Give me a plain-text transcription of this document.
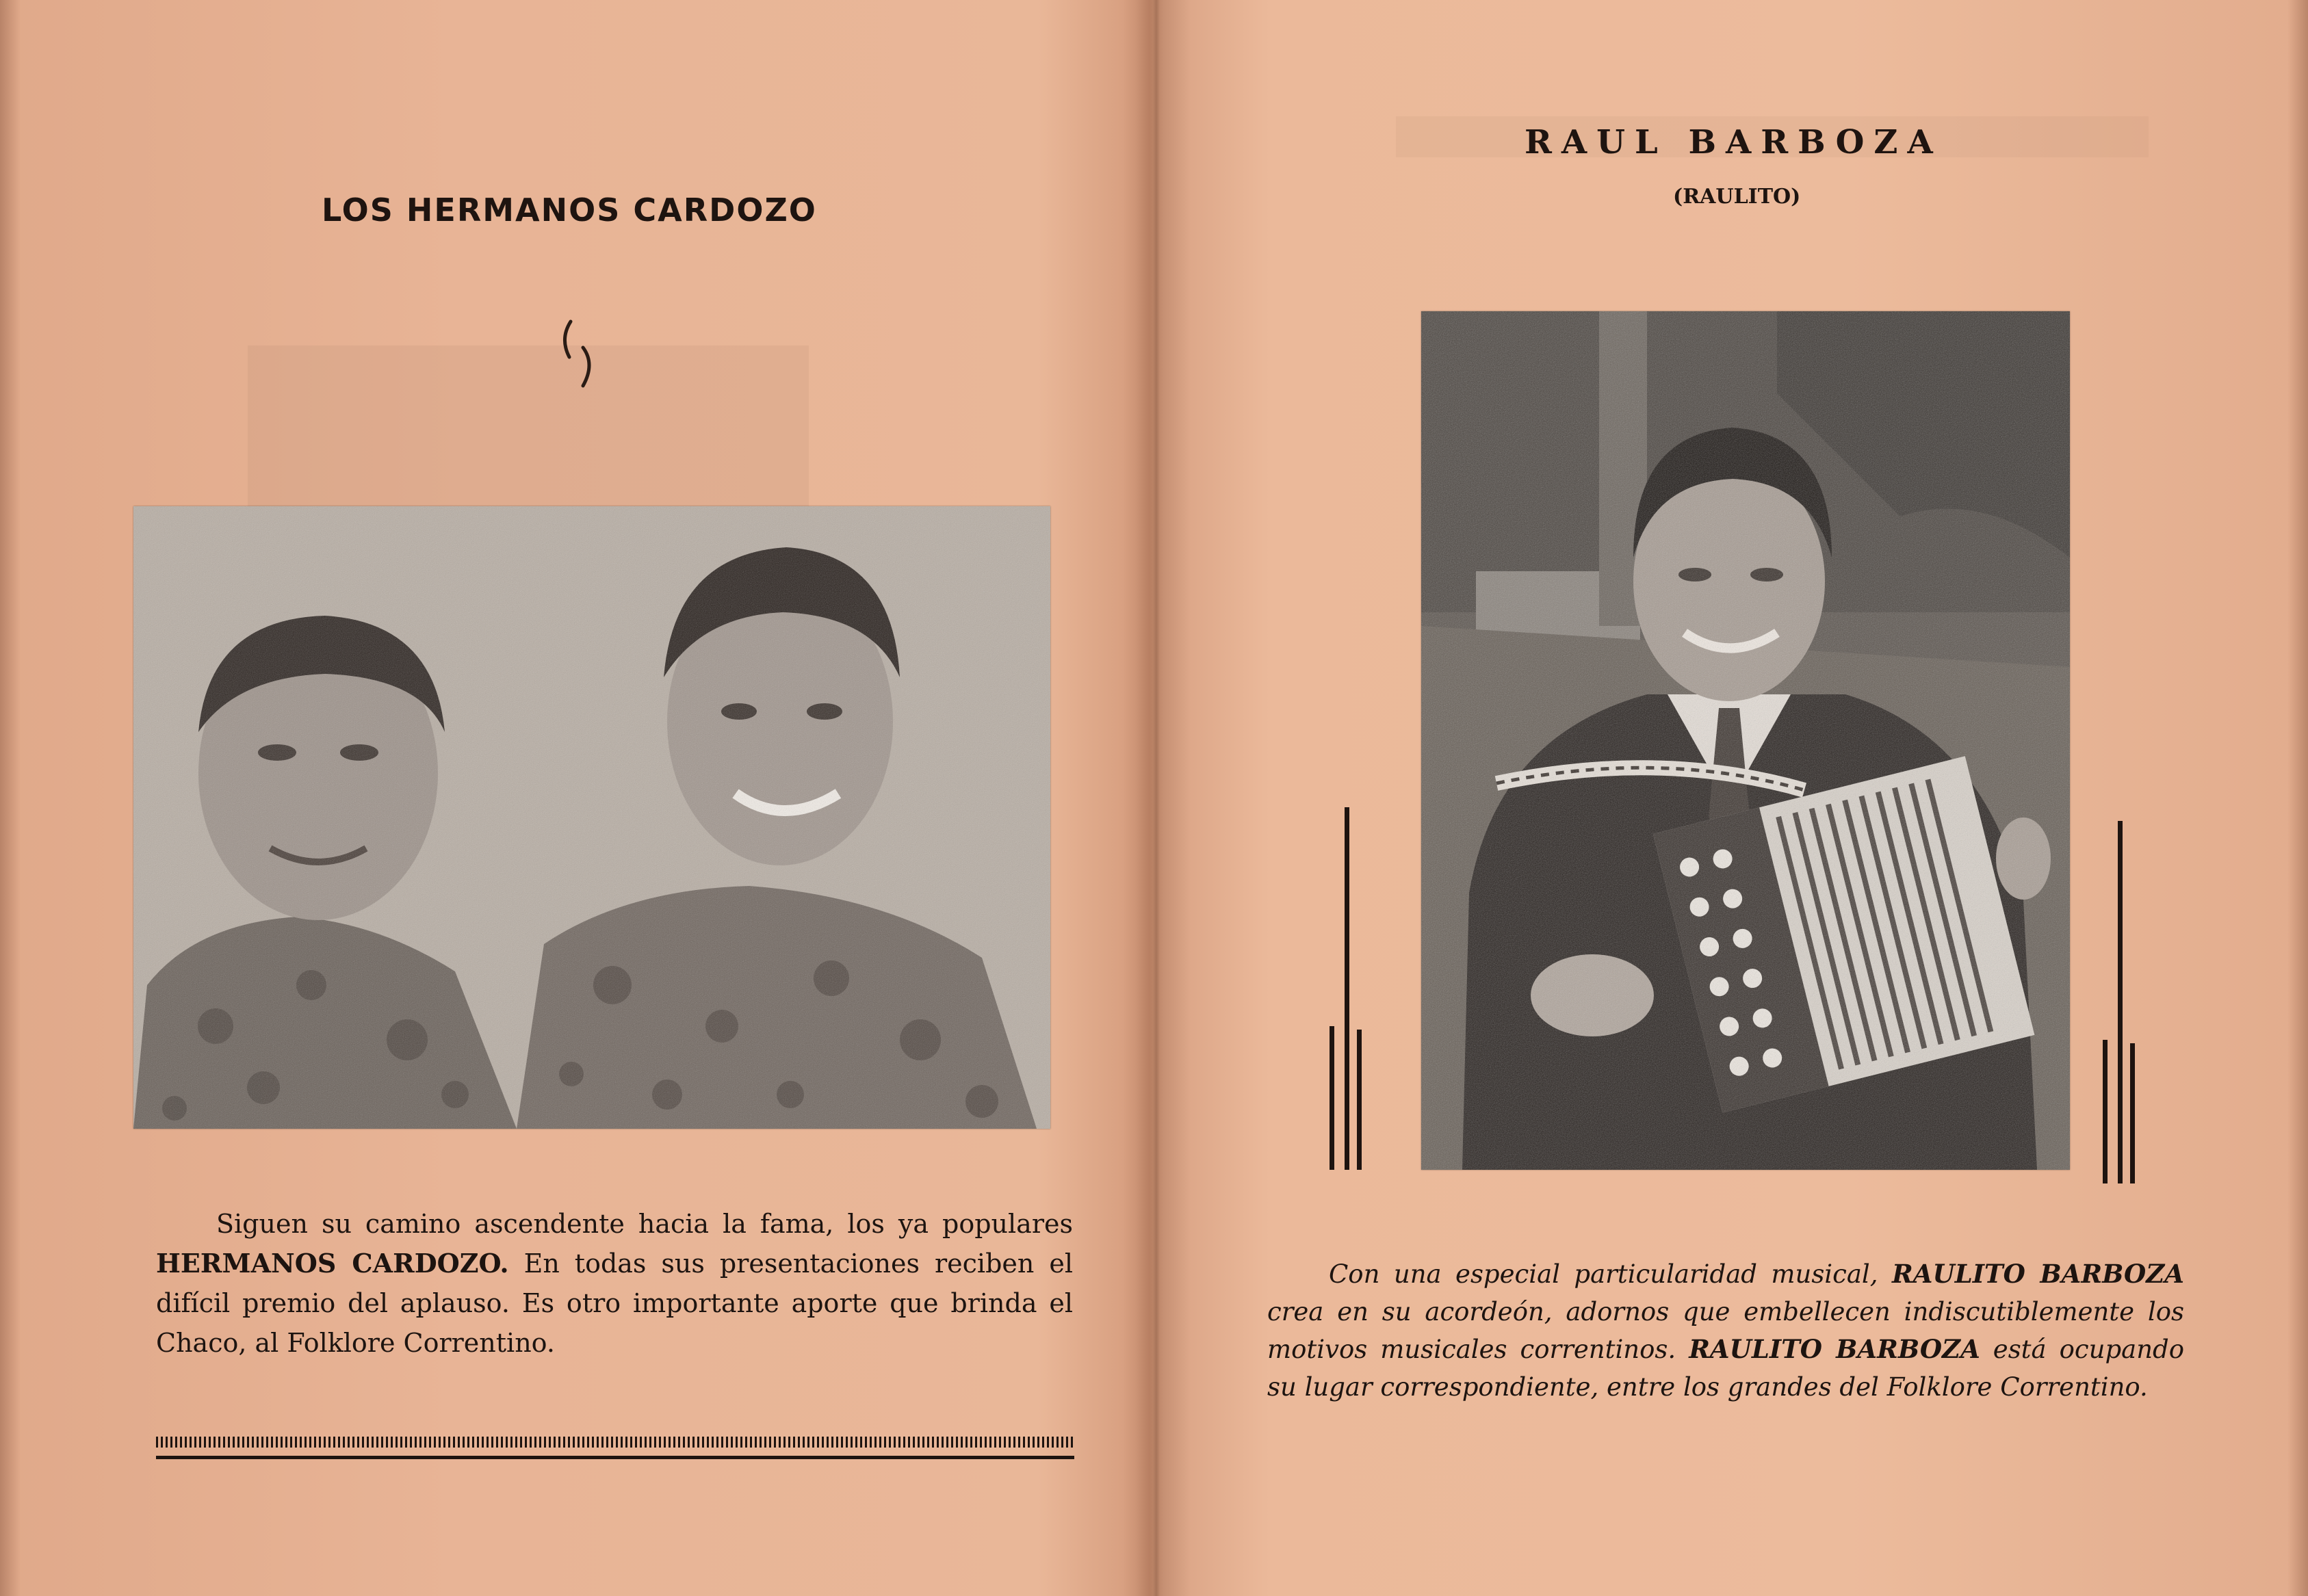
LOS HERMANOS CARDOZO

Siguen su camino ascendente hacia la fama, los ya populares HERMANOS CARDOZO. En todas sus presentaciones reciben el difícil premio del aplauso. Es otro importante aporte que brinda el Chaco, al Folklore Correntino.

RAUL BARBOZA
(RAULITO)

Con una especial particularidad musical, RAULITO BARBOZA crea en su acordeón, adornos que embellecen indiscutiblemente los motivos musicales correntinos. RAULITO BARBOZA está ocupando su lugar correspondiente, entre los grandes del Folklore Correntino.
